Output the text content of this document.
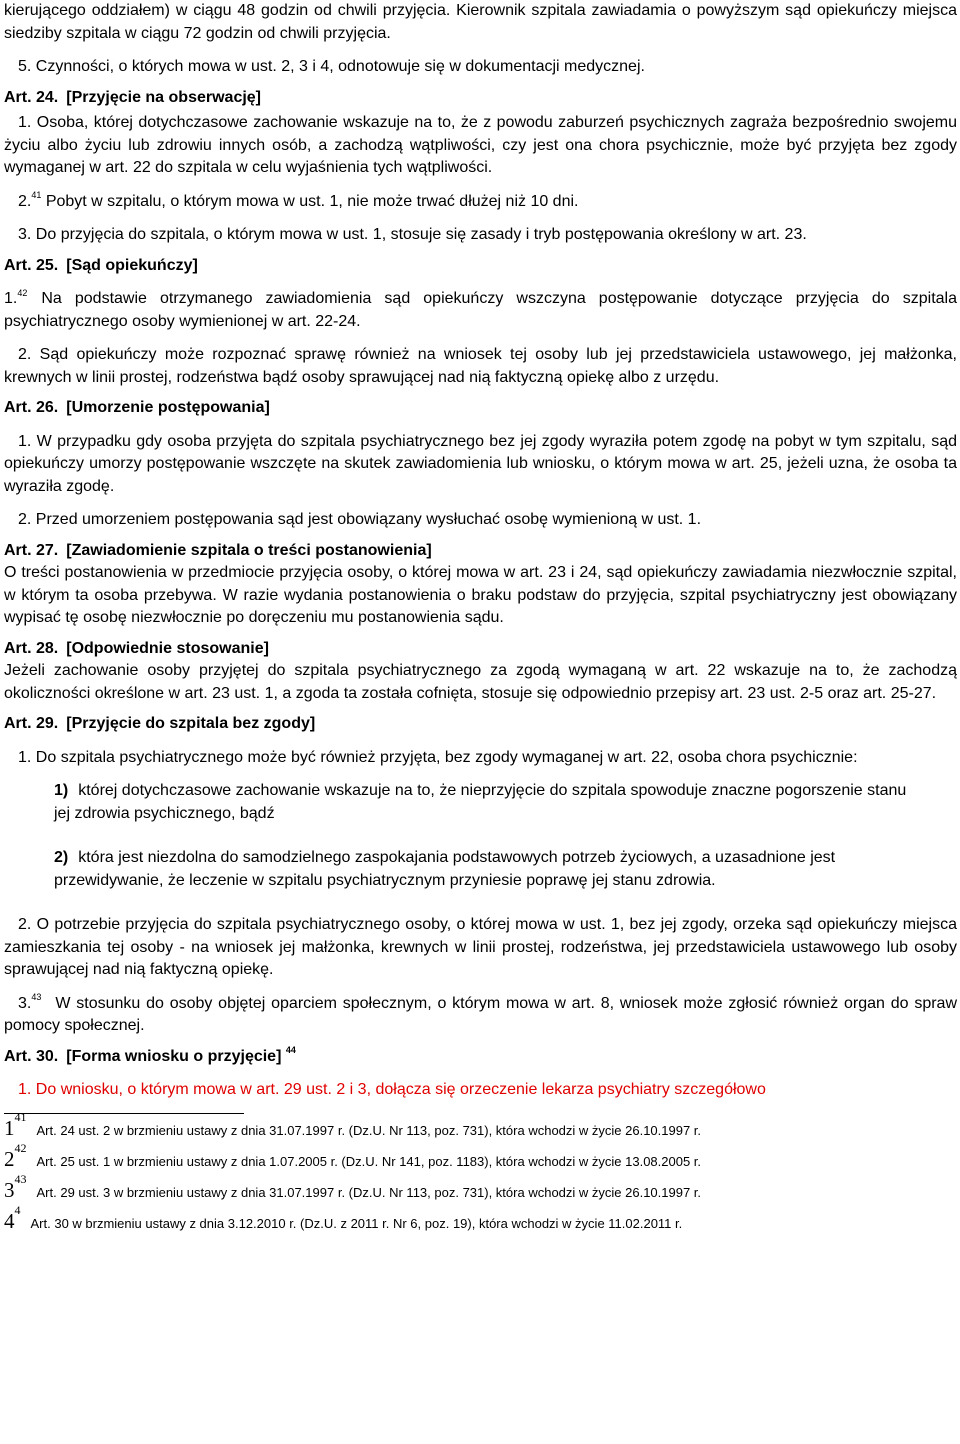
kierującego oddziałem) w ciągu 48 godzin od chwili przyjęcia. Kierownik szpitala zawiadamia o powyższym sąd opiekuńczy miejsca siedziby szpitala w ciągu 72 godzin od chwili przyjęcia.

5. Czynności, o których mowa w ust. 2, 3 i 4, odnotowuje się w dokumentacji medycznej.

Art. 24. [Przyjęcie na obserwację]

1. Osoba, której dotychczasowe zachowanie wskazuje na to, że z powodu zaburzeń psychicznych zagraża bezpośrednio swojemu życiu albo życiu lub zdrowiu innych osób, a zachodzą wątpliwości, czy jest ona chora psychicznie, może być przyjęta bez zgody wymaganej w art. 22 do szpitala w celu wyjaśnienia tych wątpliwości.

2.41 Pobyt w szpitalu, o którym mowa w ust. 1, nie może trwać dłużej niż 10 dni.

3. Do przyjęcia do szpitala, o którym mowa w ust. 1, stosuje się zasady i tryb postępowania określony w art. 23.

Art. 25. [Sąd opiekuńczy]

1.42 Na podstawie otrzymanego zawiadomienia sąd opiekuńczy wszczyna postępowanie dotyczące przyjęcia do szpitala psychiatrycznego osoby wymienionej w art. 22-24.

2. Sąd opiekuńczy może rozpoznać sprawę również na wniosek tej osoby lub jej przedstawiciela ustawowego, jej małżonka, krewnych w linii prostej, rodzeństwa bądź osoby sprawującej nad nią faktyczną opiekę albo z urzędu.

Art. 26. [Umorzenie postępowania]

1. W przypadku gdy osoba przyjęta do szpitala psychiatrycznego bez jej zgody wyraziła potem zgodę na pobyt w tym szpitalu, sąd opiekuńczy umorzy postępowanie wszczęte na skutek zawiadomienia lub wniosku, o którym mowa w art. 25, jeżeli uzna, że osoba ta wyraziła zgodę.

2. Przed umorzeniem postępowania sąd jest obowiązany wysłuchać osobę wymienioną w ust. 1.

Art. 27. [Zawiadomienie szpitala o treści postanowienia]

O treści postanowienia w przedmiocie przyjęcia osoby, o której mowa w art. 23 i 24, sąd opiekuńczy zawiadamia niezwłocznie szpital, w którym ta osoba przebywa. W razie wydania postanowienia o braku podstaw do przyjęcia, szpital psychiatryczny jest obowiązany wypisać tę osobę niezwłocznie po doręczeniu mu postanowienia sądu.

Art. 28. [Odpowiednie stosowanie]

Jeżeli zachowanie osoby przyjętej do szpitala psychiatrycznego za zgodą wymaganą w art. 22 wskazuje na to, że zachodzą okoliczności określone w art. 23 ust. 1, a zgoda ta została cofnięta, stosuje się odpowiednio przepisy art. 23 ust. 2-5 oraz art. 25-27.

Art. 29. [Przyjęcie do szpitala bez zgody]

1. Do szpitala psychiatrycznego może być również przyjęta, bez zgody wymaganej w art. 22, osoba chora psychicznie:

1) której dotychczasowe zachowanie wskazuje na to, że nieprzyjęcie do szpitala spowoduje znaczne pogorszenie stanu jej zdrowia psychicznego, bądź
2) która jest niezdolna do samodzielnego zaspokajania podstawowych potrzeb życiowych, a uzasadnione jest przewidywanie, że leczenie w szpitalu psychiatrycznym przyniesie poprawę jej stanu zdrowia.

2. O potrzebie przyjęcia do szpitala psychiatrycznego osoby, o której mowa w ust. 1, bez jej zgody, orzeka sąd opiekuńczy miejsca zamieszkania tej osoby - na wniosek jej małżonka, krewnych w linii prostej, rodzeństwa, jej przedstawiciela ustawowego lub osoby sprawującej nad nią faktyczną opiekę.

3.43 W stosunku do osoby objętej oparciem społecznym, o którym mowa w art. 8, wniosek może zgłosić również organ do spraw pomocy społecznej.

Art. 30. [Forma wniosku o przyjęcie] $^{44}$

1. Do wniosku, o którym mowa w art. 29 ust. 2 i 3, dołącza się orzeczenie lekarza psychiatry szczegółowo

$1^{41}Art$. 24 ust. 2 w brzmieniu ustawy z dnia 31.07.1997 r. (Dz.U. Nr 113, poz. 731), która wchodzi w życie 26.10.1997 r.
$2^{42}Art$. 25 ust. 1 w brzmieniu ustawy z dnia 1.07.2005 r. (Dz.U. Nr 141, poz. 1183), która wchodzi w życie 13.08.2005 r.
$3^{43}Art$. 29 ust. 3 w brzmieniu ustawy z dnia 31.07.1997 r. (Dz.U. Nr 113, poz. 731), która wchodzi w życie 26.10.1997 r.
$4^4Art$. 30 w brzmieniu ustawy z dnia 3.12.2010 r. (Dz.U. z 2011 r. Nr 6, poz. 19), która wchodzi w życie 11.02.2011 r.
